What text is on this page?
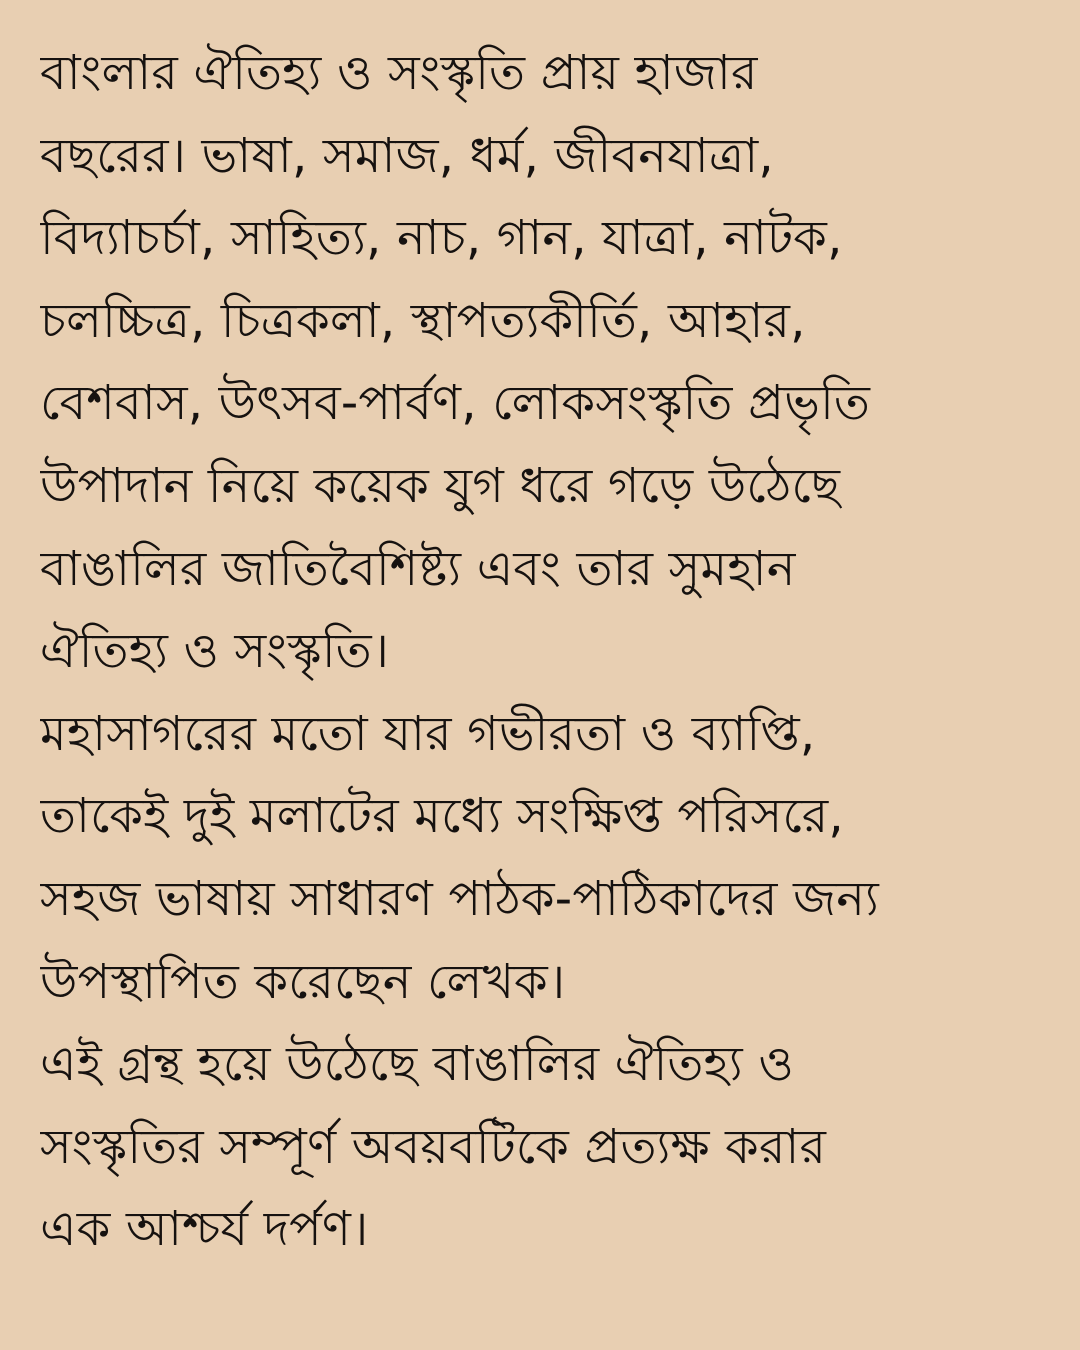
বাংলার ঐতিহ্য ও সংস্কৃতি প্রায় হাজার
বছরের। ভাষা, সমাজ, ধর্ম, জীবনযাত্রা,
বিদ্যাচর্চা, সাহিত্য, নাচ, গান, যাত্রা, নাটক,
চলচ্চিত্র, চিত্রকলা, স্থাপত্যকীর্তি, আহার,
বেশবাস, উৎসব-পার্বণ, লোকসংস্কৃতি প্রভৃতি
উপাদান নিয়ে কয়েক যুগ ধরে গড়ে উঠেছে
বাঙালির জাতিবৈশিষ্ট্য এবং তার সুমহান
ঐতিহ্য ও সংস্কৃতি।
মহাসাগরের মতো যার গভীরতা ও ব্যাপ্তি,
তাকেই দুই মলাটের মধ্যে সংক্ষিপ্ত পরিসরে,
সহজ ভাষায় সাধারণ পাঠক-পাঠিকাদের জন্য
উপস্থাপিত করেছেন লেখক।
এই গ্রন্থ হয়ে উঠেছে বাঙালির ঐতিহ্য ও
সংস্কৃতির সম্পূর্ণ অবয়বটিকে প্রত্যক্ষ করার
এক আশ্চর্য দর্পণ।
